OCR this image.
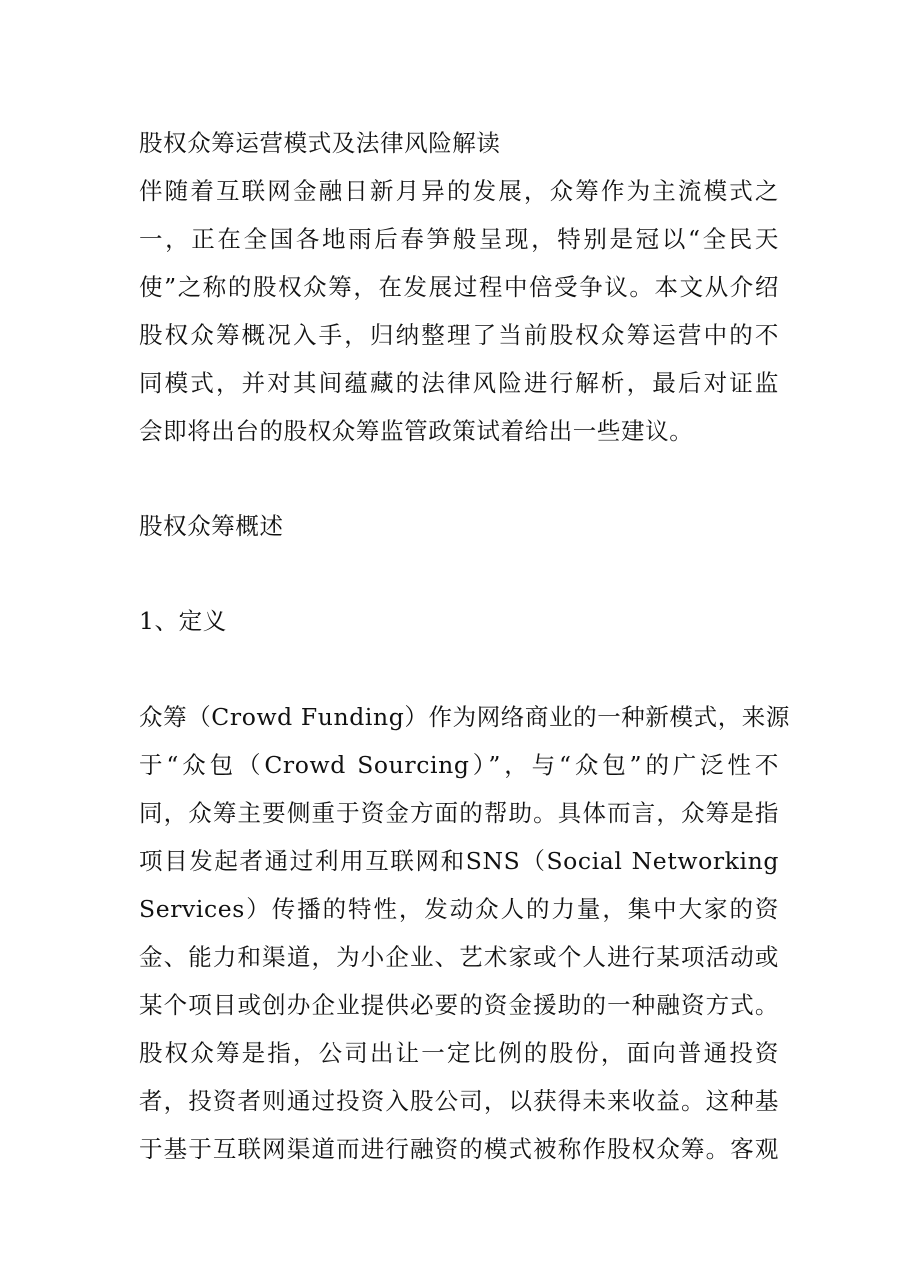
股权众筹运营模式及法律风险解读
伴随着互联网金融日新月异的发展，众筹作为主流模式之
一，正在全国各地雨后春笋般呈现，特别是冠以“全民天
使”之称的股权众筹，在发展过程中倍受争议。本文从介绍
股权众筹概况入手，归纳整理了当前股权众筹运营中的不
同模式，并对其间蕴藏的法律风险进行解析，最后对证监
会即将出台的股权众筹监管政策试着给出一些建议。
股权众筹概述
1、定义
众筹（Crowd Funding）作为网络商业的一种新模式，来源
于“众包（Crowd Sourcing）”，与“众包”的广泛性不
同，众筹主要侧重于资金方面的帮助。具体而言，众筹是指
项目发起者通过利用互联网和SNS（Social Networking
Services）传播的特性，发动众人的力量，集中大家的资
金、能力和渠道，为小企业、艺术家或个人进行某项活动或
某个项目或创办企业提供必要的资金援助的一种融资方式。
股权众筹是指，公司出让一定比例的股份，面向普通投资
者，投资者则通过投资入股公司，以获得未来收益。这种基
于基于互联网渠道而进行融资的模式被称作股权众筹。客观
